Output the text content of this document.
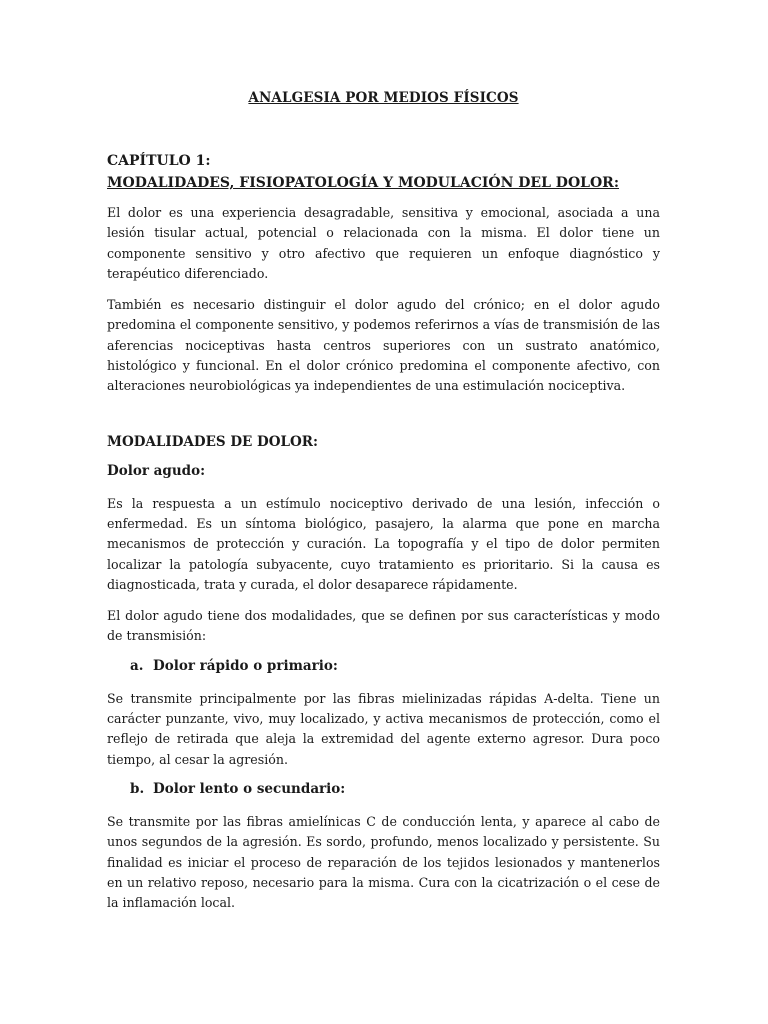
ANALGESIA POR MEDIOS FÍSICOS
CAPÍTULO 1:
MODALIDADES, FISIOPATOLOGÍA Y MODULACIÓN DEL DOLOR:

El dolor es una experiencia desagradable, sensitiva y emocional, asociada a una lesión tisular actual, potencial o relacionada con la misma. El dolor tiene un componente sensitivo y otro afectivo que requieren un enfoque diagnóstico y terapéutico diferenciado.

También es necesario distinguir el dolor agudo del crónico; en el dolor agudo predomina el componente sensitivo, y podemos referirnos a vías de transmisión de las aferencias nociceptivas hasta centros superiores con un sustrato anatómico, histológico y funcional. En el dolor crónico predomina el componente afectivo, con alteraciones neurobiológicas ya independientes de una estimulación nociceptiva.

MODALIDADES DE DOLOR:
Dolor agudo:

Es la respuesta a un estímulo nociceptivo derivado de una lesión, infección o enfermedad. Es un síntoma biológico, pasajero, la alarma que pone en marcha mecanismos de protección y curación. La topografía y el tipo de dolor permiten localizar la patología subyacente, cuyo tratamiento es prioritario. Si la causa es diagnosticada, trata y curada, el dolor desaparece rápidamente.

El dolor agudo tiene dos modalidades, que se definen por sus características y modo de transmisión:

a. Dolor rápido o primario:

Se transmite principalmente por las fibras mielinizadas rápidas A-delta. Tiene un carácter punzante, vivo, muy localizado, y activa mecanismos de protección, como el reflejo de retirada que aleja la extremidad del agente externo agresor. Dura poco tiempo, al cesar la agresión.

b. Dolor lento o secundario:

Se transmite por las fibras amielínicas C de conducción lenta, y aparece al cabo de unos segundos de la agresión. Es sordo, profundo, menos localizado y persistente. Su finalidad es iniciar el proceso de reparación de los tejidos lesionados y mantenerlos en un relativo reposo, necesario para la misma. Cura con la cicatrización o el cese de la inflamación local.
